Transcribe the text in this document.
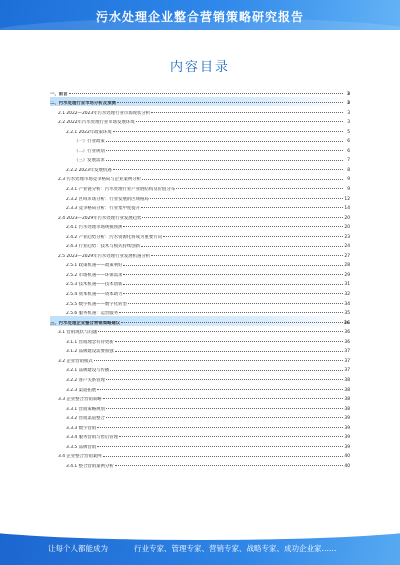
污水处理企业整合营销策略研究报告
内容目录
一、前言	3
二、污水处理行业市场分析及预测	3
2.1 2022—2023年污水处理行业市场现状分析	3
2.2 2022年污水处理行业市场发展环境	3
2.2.1 2022年政策环境	5
（一）行业政策	6
（二）行业规划	6
（三）发展需求	7
2.2.2 2023年发展机遇	8
2.3 污水处理市场竞争格局与企业案例分析	9
2.3.1 产业链分析：污水处理行业产业链结构及价值分布	9
2.3.2 区域市场分析：行业发展的区域格局	12
2.3.3 竞争格局分析：行业集中度提升	14
2.4 2023—2029年污水处理行业发展趋势	20
2.4.1 污水处理市场规模预测	20
2.4.2 产业趋势分析：污水资源化将成为重要方向	23
2.4.3 行业趋势：技术与模式持续创新	24
2.5 2023—2029年污水处理行业发展机遇分析	27
2.5.1 政策机遇——政策利好	28
2.5.2 市场机遇——环保需求	29
2.5.3 技术机遇——技术创新	31
2.5.4 资本机遇——资本助力	32
2.5.5 数字机遇——数字化转型	34
2.5.6 服务机遇：运营服务	35
三、污水处理企业整合营销策略建议	36
3.1 营销现状与问题	36
3.1.1 营销理念有待更新	36
3.1.2 品牌建设需要加强	37
3.2 企业营销模式	37
3.2.1 品牌建设与传播	37
3.2.2 客户关系管理	38
3.2.3 渠道拓展	38
3.3 企业整合营销策略	38
3.3.1 营销策略规划	38
3.3.2 营销渠道整合	39
3.3.3 数字营销	39
3.3.4 服务营销与售后管理	39
3.3.5 品牌营销	39
3.4 企业整合营销案例	40
3.4.1 整合营销案例分析	40
让每个人都能成为	行业专家、管理专家、营销专家、战略专家、成功企业家……
